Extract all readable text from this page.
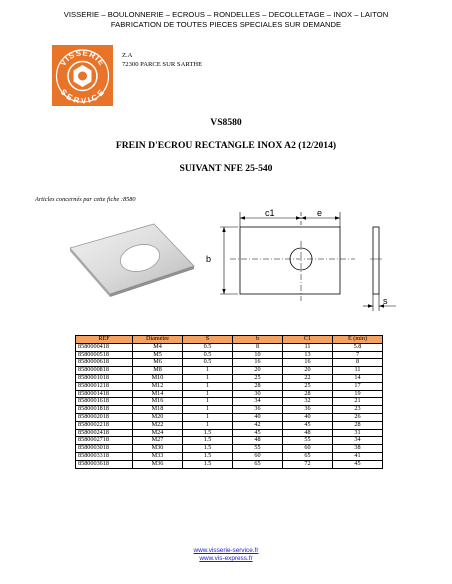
VISSERIE – BOULONNERIE – ECROUS – RONDELLES – DECOLLETAGE – INOX – LAITON
FABRICATION DE TOUTES PIECES SPECIALES SUR DEMANDE
VISSERIE
SERVICE
Z.A
72300 PARCE SUR SARTHE
VS8580
FREIN D'ECROU RECTANGLE INOX A2 (12/2014)
SUIVANT NFE 25-540
Articles concernés par cette fiche :8580
c1	e
b
s
REF	Diamètre	S	b	C1	E (min)
8580000418	M4	0.5	8	11	5.8
8580000518	M5	0.5	10	13	7
8580000618	M6	0.5	16	16	8
8580000818	M8	1	20	20	11
8580001018	M10	1	25	22	14
8580001218	M12	1	28	25	17
8580001418	M14	1	30	28	19
8580001618	M16	1	34	32	21
8580001818	M18	1	36	36	23
8580002018	M20	1	40	40	26
8580002218	M22	1	42	45	28
8580002418	M24	1.5	45	48	31
8580002718	M27	1.5	48	55	34
8580003018	M30	1.5	55	60	38
8580003318	M33	1.5	60	65	41
8580003618	M36	1.5	65	72	45
www.visserie-service.fr
www.vis-express.fr
